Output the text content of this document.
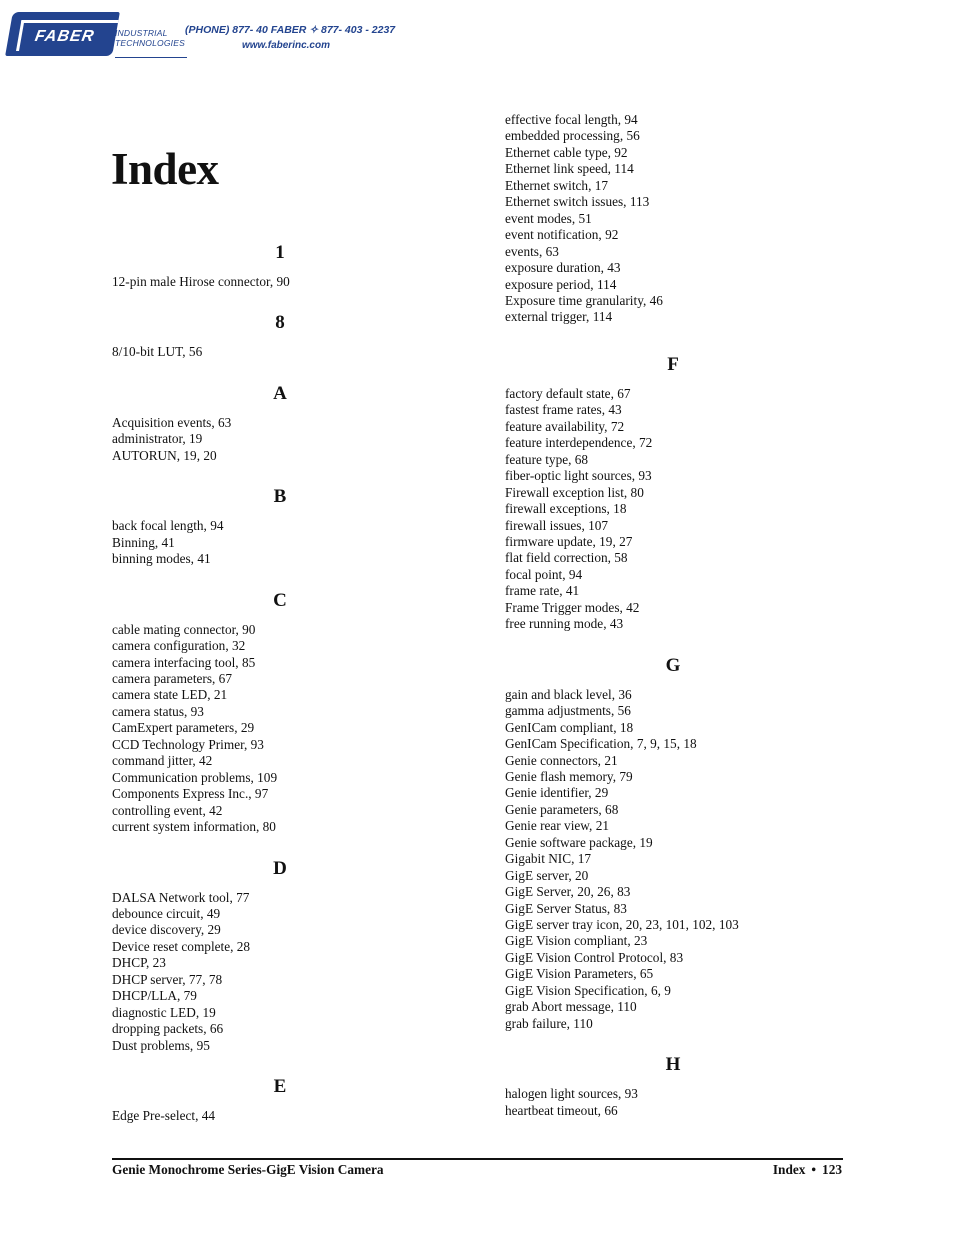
FABER INDUSTRIAL
TECHNOLOGIES
(PHONE) 877- 40 FABER ✧ 877- 403 - 2237
www.faberinc.com
Index
1
12-pin male Hirose connector, 90
8
8/10-bit LUT, 56
A
Acquisition events, 63
administrator, 19
AUTORUN, 19, 20
B
back focal length, 94
Binning, 41
binning modes, 41
C
cable mating connector, 90
camera configuration, 32
camera interfacing tool, 85
camera parameters, 67
camera state LED, 21
camera status, 93
CamExpert parameters, 29
CCD Technology Primer, 93
command jitter, 42
Communication problems, 109
Components Express Inc., 97
controlling event, 42
current system information, 80
D
DALSA Network tool, 77
debounce circuit, 49
device discovery, 29
Device reset complete, 28
DHCP, 23
DHCP server, 77, 78
DHCP/LLA, 79
diagnostic LED, 19
dropping packets, 66
Dust problems, 95
E
Edge Pre-select, 44
effective focal length, 94
embedded processing, 56
Ethernet cable type, 92
Ethernet link speed, 114
Ethernet switch, 17
Ethernet switch issues, 113
event modes, 51
event notification, 92
events, 63
exposure duration, 43
exposure period, 114
Exposure time granularity, 46
external trigger, 114
F
factory default state, 67
fastest frame rates, 43
feature availability, 72
feature interdependence, 72
feature type, 68
fiber-optic light sources, 93
Firewall exception list, 80
firewall exceptions, 18
firewall issues, 107
firmware update, 19, 27
flat field correction, 58
focal point, 94
frame rate, 41
Frame Trigger modes, 42
free running mode, 43
G
gain and black level, 36
gamma adjustments, 56
GenICam compliant, 18
GenICam Specification, 7, 9, 15, 18
Genie connectors, 21
Genie flash memory, 79
Genie identifier, 29
Genie parameters, 68
Genie rear view, 21
Genie software package, 19
Gigabit NIC, 17
GigE server, 20
GigE Server, 20, 26, 83
GigE Server Status, 83
GigE server tray icon, 20, 23, 101, 102, 103
GigE Vision compliant, 23
GigE Vision Control Protocol, 83
GigE Vision Parameters, 65
GigE Vision Specification, 6, 9
grab Abort message, 110
grab failure, 110
H
halogen light sources, 93
heartbeat timeout, 66
Genie Monochrome Series-GigE Vision Camera	Index • 123
